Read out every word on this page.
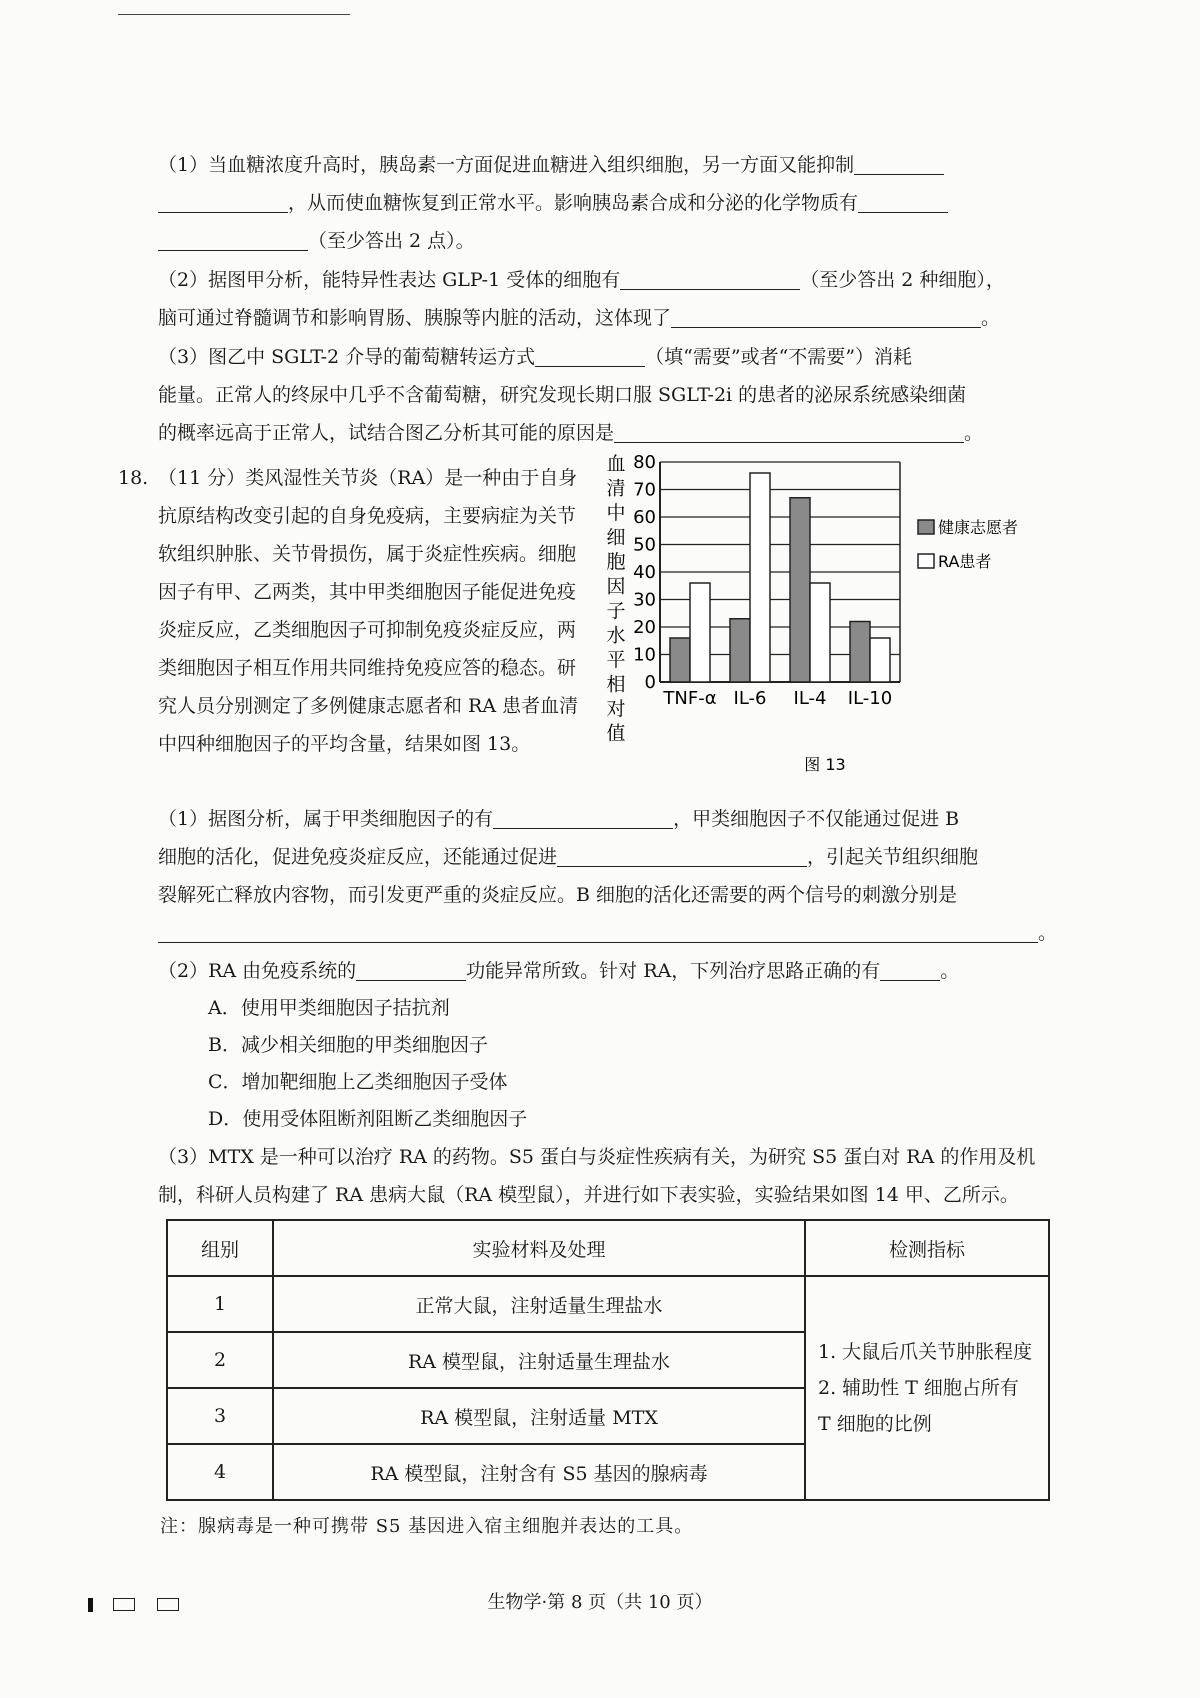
（1）当血糖浓度升高时，胰岛素一方面促进血糖进入组织细胞，另一方面又能抑制
，从而使血糖恢复到正常水平。影响胰岛素合成和分泌的化学物质有
（至少答出 2 点）。
（2）据图甲分析，能特异性表达 GLP-1 受体的细胞有	（至少答出 2 种细胞），
脑可通过脊髓调节和影响胃肠、胰腺等内脏的活动，这体现了	。
（3）图乙中 SGLT-2 介导的葡萄糖转运方式	（填“需要”或者“不需要”）消耗
能量。正常人的终尿中几乎不含葡萄糖，研究发现长期口服 SGLT-2i 的患者的泌尿系统感染细菌
的概率远高于正常人，试结合图乙分析其可能的原因是	。
18. （11 分）类风湿性关节炎（RA）是一种由于自身抗原结构改变引起的自身免疫病，主要病症为关节软组织肿胀、关节骨损伤，属于炎症性疾病。细胞因子有甲、乙两类，其中甲类细胞因子能促进免疫炎症反应，乙类细胞因子可抑制免疫炎症反应，两类细胞因子相互作用共同维持免疫应答的稳态。研究人员分别测定了多例健康志愿者和 RA 患者血清中四种细胞因子的平均含量，结果如图 13。
血
清
中
细
胞
因
子
水
平
相
对
值
0
10
20
30
40
50
60
70
80
TNF-α IL-6 IL-4 IL-10
健康志愿者
RA患者
图 13
（1）据图分析，属于甲类细胞因子的有	，甲类细胞因子不仅能通过促进 B
细胞的活化，促进免疫炎症反应，还能通过促进	，引起关节组织细胞
裂解死亡释放内容物，而引发更严重的炎症反应。B 细胞的活化还需要的两个信号的刺激分别是
。
（2）RA 由免疫系统的	功能异常所致。针对 RA，下列治疗思路正确的有	。
A．使用甲类细胞因子拮抗剂
B．减少相关细胞的甲类细胞因子
C．增加靶细胞上乙类细胞因子受体
D．使用受体阻断剂阻断乙类细胞因子
（3）MTX 是一种可以治疗 RA 的药物。S5 蛋白与炎症性疾病有关，为研究 S5 蛋白对 RA 的作用及机
制，科研人员构建了 RA 患病大鼠（RA 模型鼠），并进行如下表实验，实验结果如图 14 甲、乙所示。
组别	实验材料及处理	检测指标
1	正常大鼠，注射适量生理盐水	1. 大鼠后爪关节肿胀程度
2. 辅助性 T 细胞占所有 T 细胞的比例

2	RA 模型鼠，注射适量生理盐水	
3	RA 模型鼠，注射适量 MTX	
4	RA 模型鼠，注射含有 S5 基因的腺病毒	
注：腺病毒是一种可携带 S5 基因进入宿主细胞并表达的工具。
生物学·第 8 页（共 10 页）
